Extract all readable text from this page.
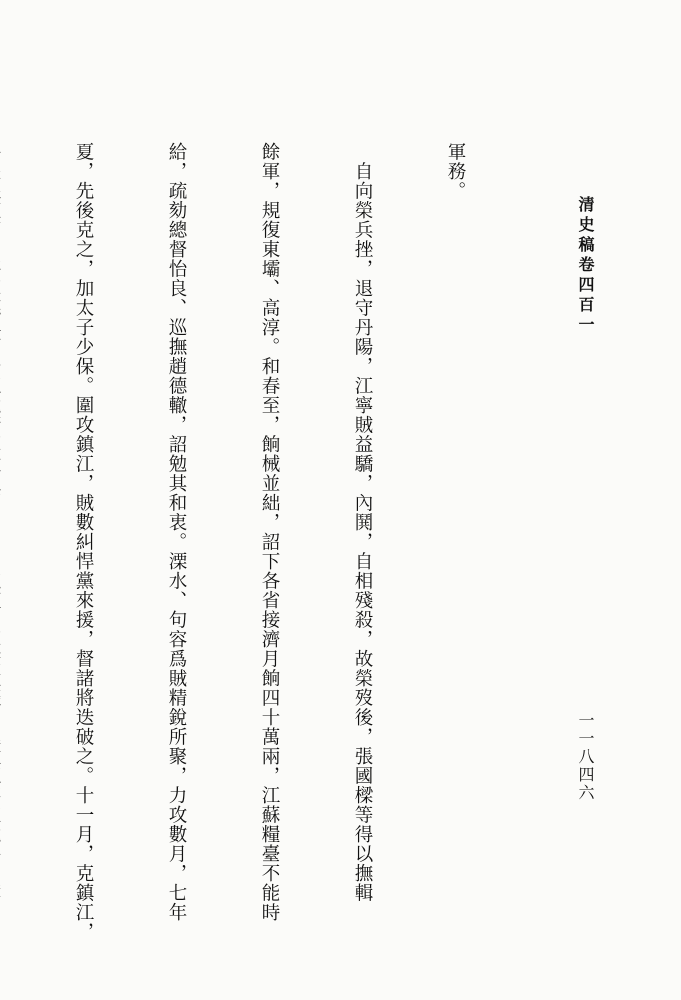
清史稿卷四百一
一一八四六

軍務。

　自向榮兵挫，退守丹陽，江寧賊益驕，內鬨，自相殘殺，故榮歿後，張國樑等得以撫輯

餘軍，規復東壩、高淳。和春至，餉械並絀，詔下各省接濟月餉四十萬兩，江蘇糧臺不能時

給，疏劾總督怡良、巡撫趙德轍，詔勉其和衷。溧水、句容爲賊精銳所聚，力攻數月，七年

夏，先後克之，加太子少保。圍攻鎮江，賊數糾悍黨來援，督諸將迭破之。十一月，克鎮江，
